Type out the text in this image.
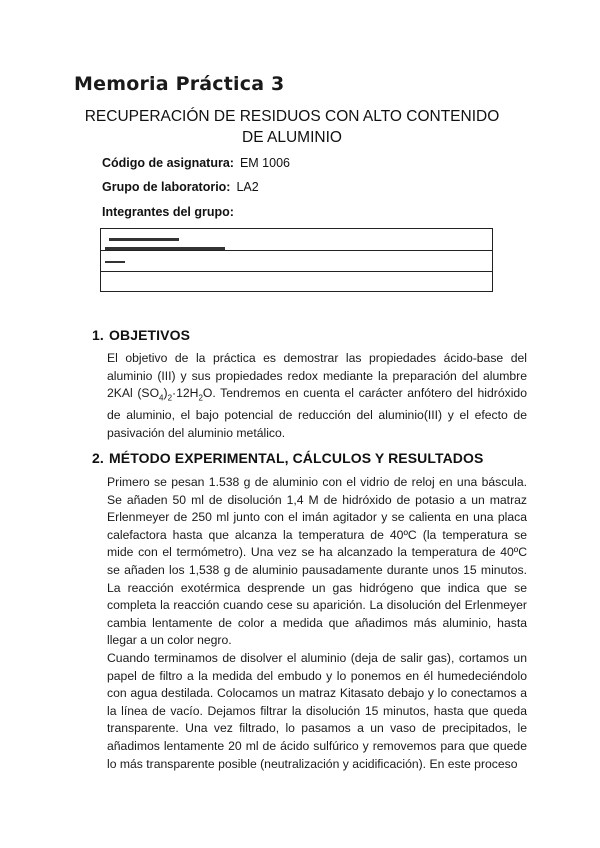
Memoria Práctica 3
RECUPERACIÓN DE RESIDUOS CON ALTO CONTENIDO
DE ALUMINIO

Código de asignatura: EM 1006

Grupo de laboratorio: LA2

Integrantes del grupo:

1. OBJETIVOS

El objetivo de la práctica es demostrar las propiedades ácido-base del aluminio (III) y sus propiedades redox mediante la preparación del alumbre 2KAl $(SO_4)_2\cdot 12H_2O$. Tendremos en cuenta el carácter anfótero del hidróxido de aluminio, el bajo potencial de reducción del aluminio(III) y el efecto de pasivación del aluminio metálico.

2. MÉTODO EXPERIMENTAL, CÁLCULOS Y RESULTADOS

Primero se pesan 1.538 g de aluminio con el vidrio de reloj en una báscula. Se añaden 50 ml de disolución 1,4 M de hidróxido de potasio a un matraz Erlenmeyer de 250 ml junto con el imán agitador y se calienta en una placa calefactora hasta que alcanza la temperatura de 40ºC (la temperatura se mide con el termómetro). Una vez se ha alcanzado la temperatura de 40ºC se añaden los 1,538 g de aluminio pausadamente durante unos 15 minutos. La reacción exotérmica desprende un gas hidrógeno que indica que se completa la reacción cuando cese su aparición. La disolución del Erlenmeyer cambia lentamente de color a medida que añadimos más aluminio, hasta llegar a un color negro.

Cuando terminamos de disolver el aluminio (deja de salir gas), cortamos un papel de filtro a la medida del embudo y lo ponemos en él humedeciéndolo con agua destilada. Colocamos un matraz Kitasato debajo y lo conectamos a la línea de vacío. Dejamos filtrar la disolución 15 minutos, hasta que queda transparente. Una vez filtrado, lo pasamos a un vaso de precipitados, le añadimos lentamente 20 ml de ácido sulfúrico y removemos para que quede lo más transparente posible (neutralización y acidificación). En este proceso
